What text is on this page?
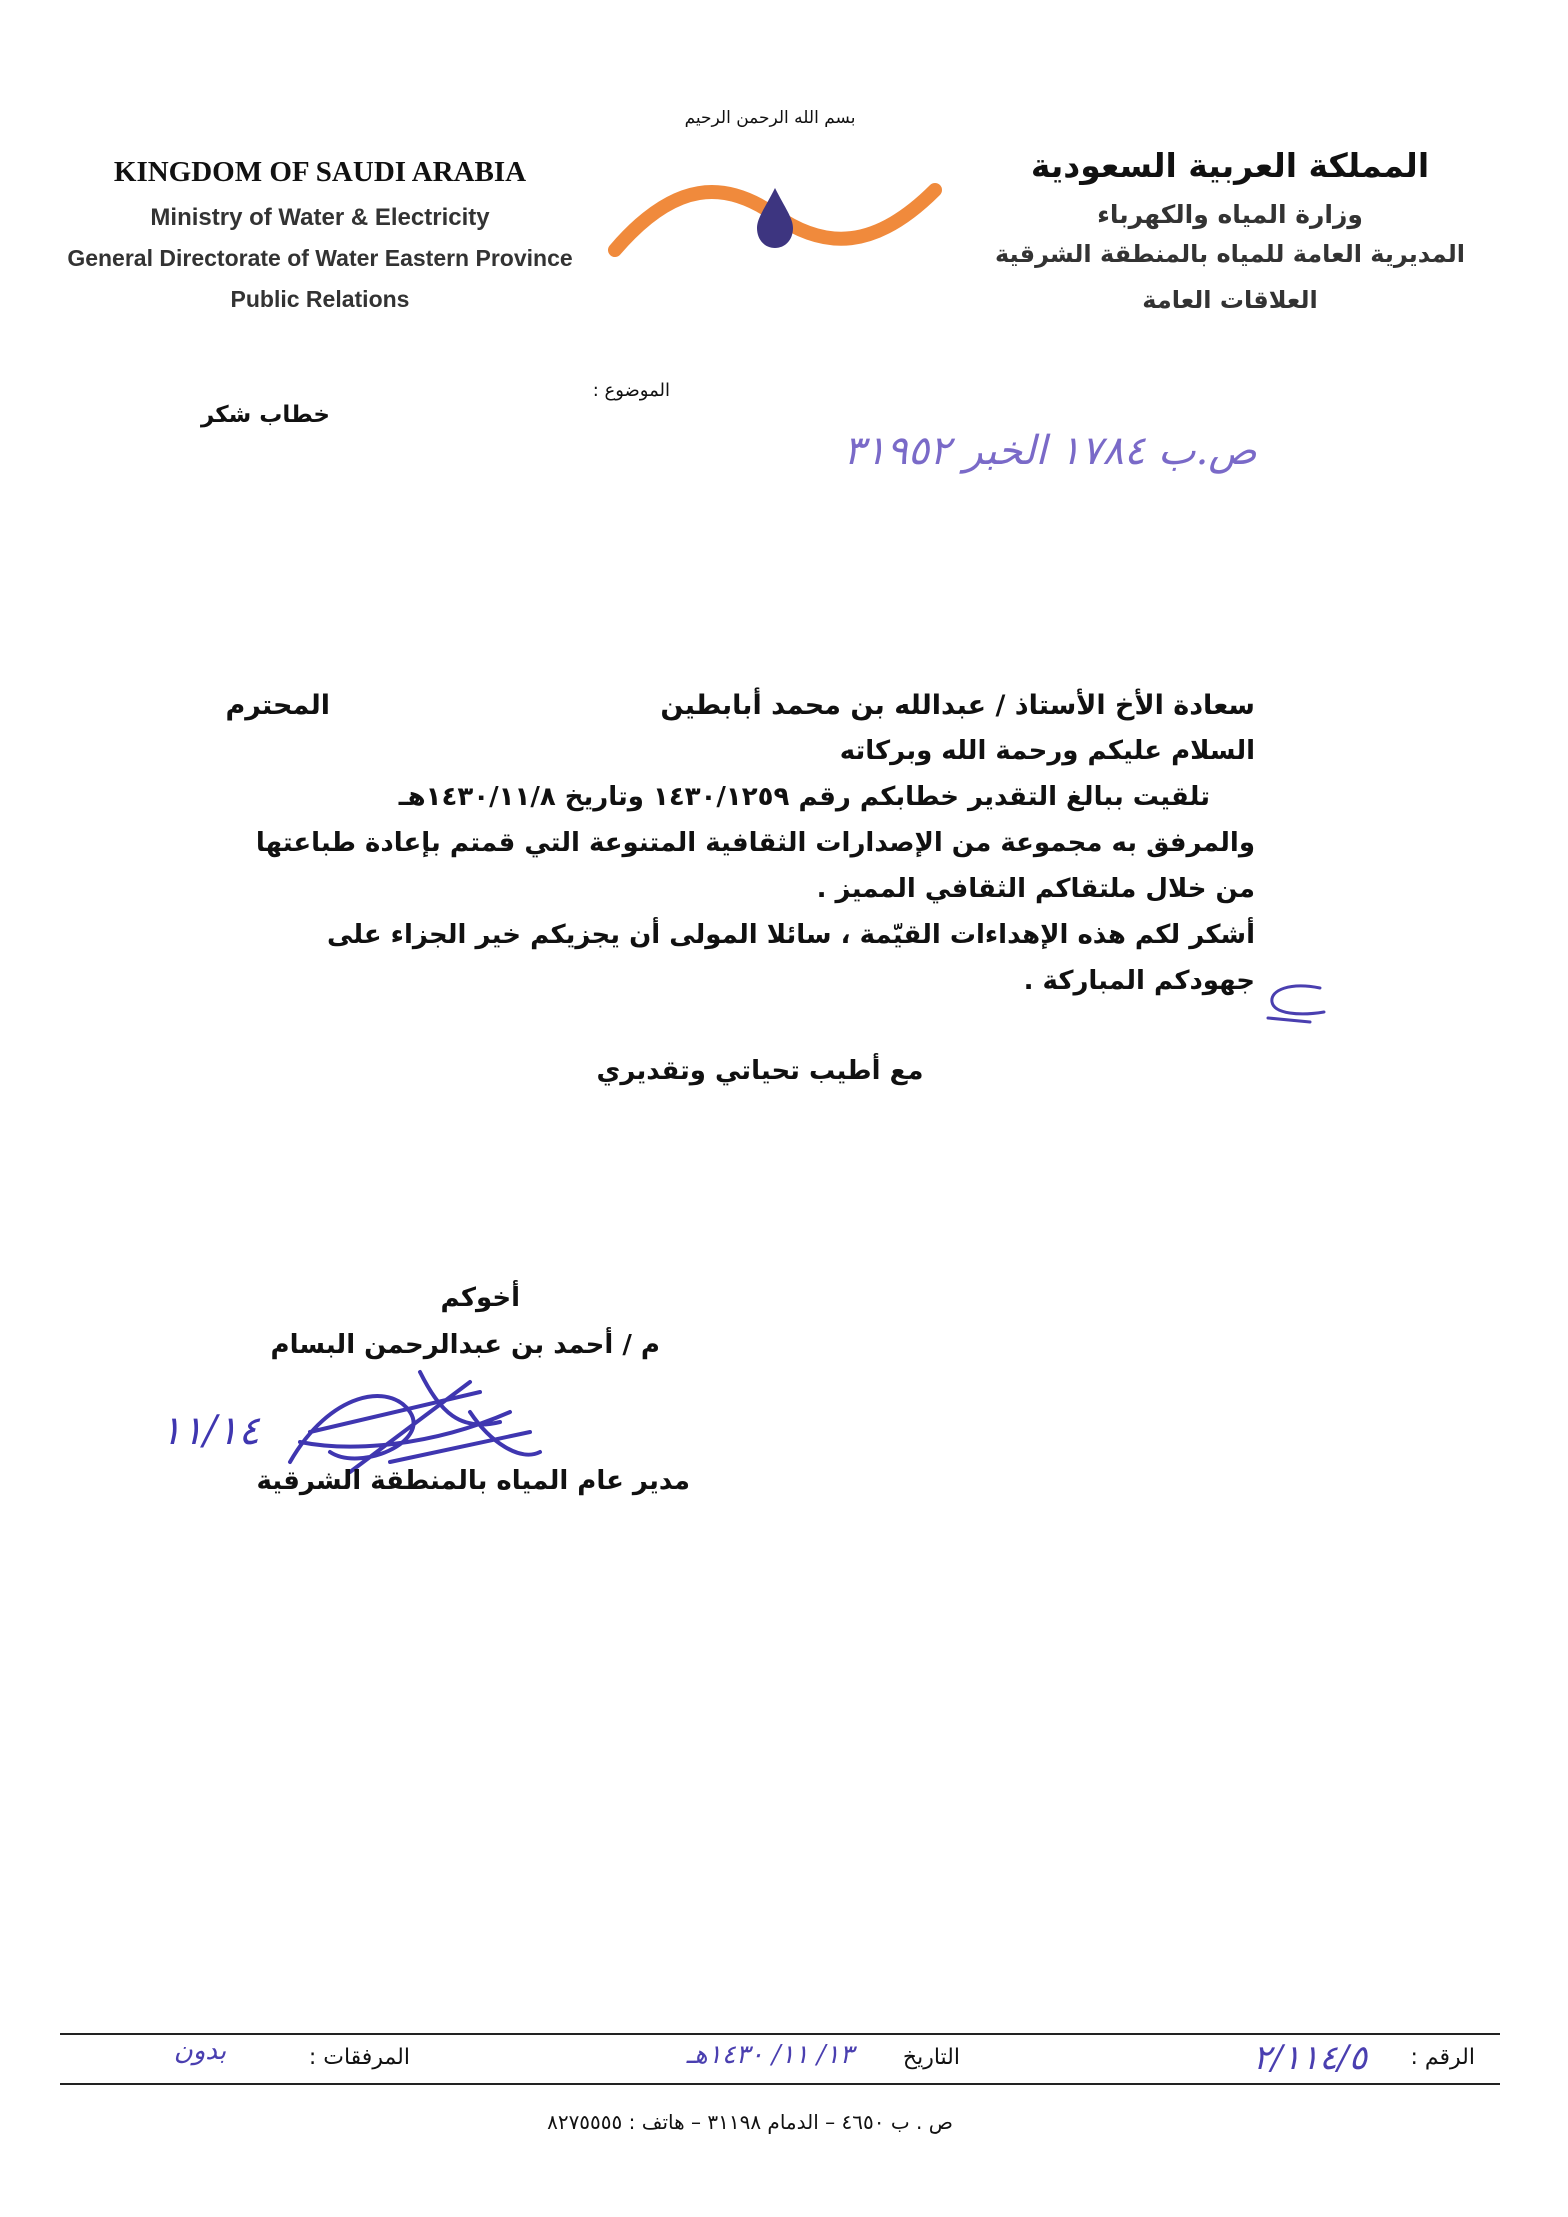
KINGDOM OF SAUDI ARABIA
Ministry of Water & Electricity
General Directorate of Water Eastern Province
Public Relations
بسم الله الرحمن الرحيم
المملكة العربية السعودية
وزارة المياه والكهرباء
المديرية العامة للمياه بالمنطقة الشرقية
العلاقات العامة
الموضوع :
خطاب شكر
ص.ب ١٧٨٤ الخبر ٣١٩٥٢
سعادة الأخ الأستاذ / عبدالله بن محمد أبابطين
المحترم
السلام عليكم ورحمة الله وبركاته
تلقيت ببالغ التقدير خطابكم رقم ١٤٣٠/١٢٥٩ وتاريخ ١٤٣٠/١١/٨هـ
والمرفق به مجموعة من الإصدارات الثقافية المتنوعة التي قمتم بإعادة طباعتها
من خلال ملتقاكم الثقافي المميز .
أشكر لكم هذه الإهداءات القيّمة ، سائلا المولى أن يجزيكم خير الجزاء على
جهودكم المباركة .
مع أطيب تحياتي وتقديري
أخوكم
م / أحمد بن عبدالرحمن البسام
١١/١٤
مدير عام المياه بالمنطقة الشرقية
الرقم :
٢/١١٤/٥
التاريخ
١٣/ ١١/ ١٤٣٠هـ
المرفقات :
بدون
ص . ب ٤٦٥٠ – الدمام ٣١١٩٨ – هاتف : ٨٢٧٥٥٥٥
